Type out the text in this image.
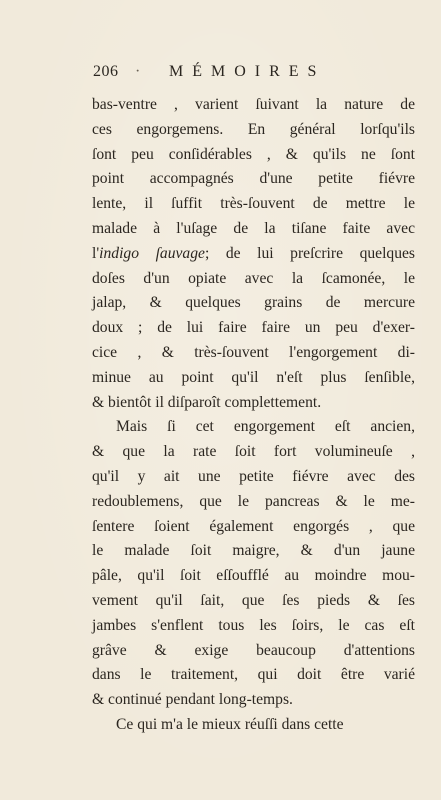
206 · MÉMOIRES
bas-ventre , varient ſuivant la nature de
ces engorgemens. En général lorſqu'ils
ſont peu conſidérables , & qu'ils ne ſont
point accompagnés d'une petite fiévre
lente, il ſuffit très-ſouvent de mettre le
malade à l'uſage de la tiſane faite avec
l'indigo ſauvage; de lui preſcrire quelques
doſes d'un opiate avec la ſcamonée, le
jalap, & quelques grains de mercure
doux ; de lui faire faire un peu d'exer-
cice , & très-ſouvent l'engorgement di-
minue au point qu'il n'eſt plus ſenſible,
& bientôt il diſparoît complettement.
Mais ſi cet engorgement eſt ancien,
& que la rate ſoit fort volumineuſe ,
qu'il y ait une petite fiévre avec des
redoublemens, que le pancreas & le me-
ſentere ſoient également engorgés , que
le malade ſoit maigre, & d'un jaune
pâle, qu'il ſoit eſſoufflé au moindre mou-
vement qu'il ſait, que ſes pieds & ſes
jambes s'enflent tous les ſoirs, le cas eſt
grâve & exige beaucoup d'attentions
dans le traitement, qui doit être varié
& continué pendant long-temps.
Ce qui m'a le mieux réuſſi dans cette
